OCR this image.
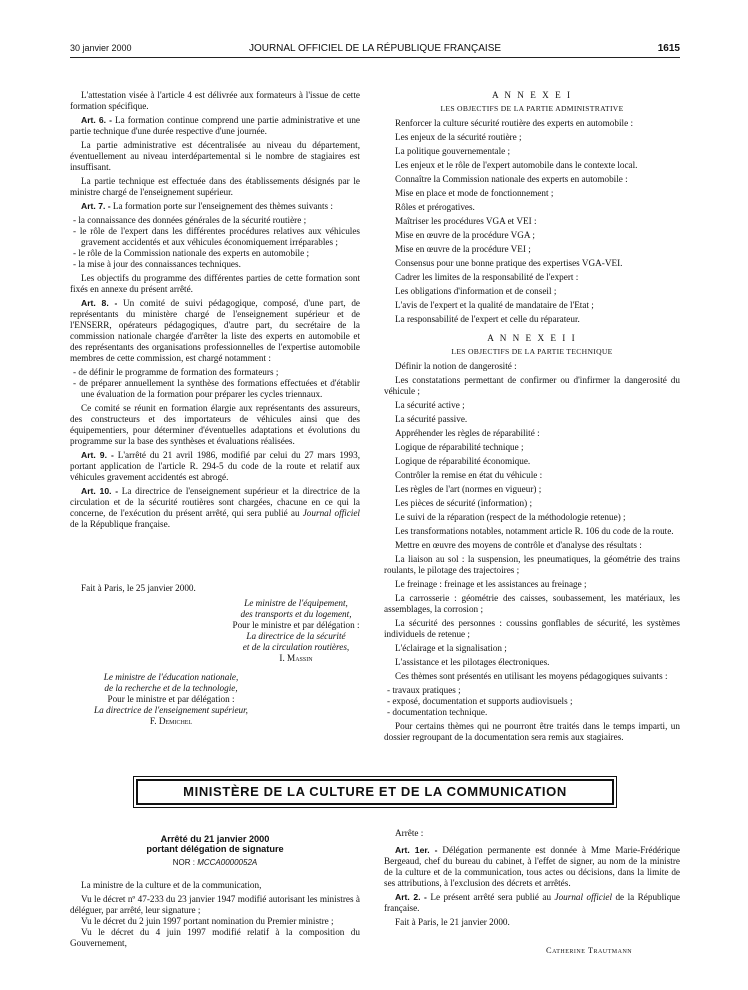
30 janvier 2000	JOURNAL OFFICIEL DE LA RÉPUBLIQUE FRANÇAISE	1615

L'attestation visée à l'article 4 est délivrée aux formateurs à l'issue de cette formation spécifique.

Art. 6. - La formation continue comprend une partie administrative et une partie technique d'une durée respective d'une journée.

La partie administrative est décentralisée au niveau du département, éventuellement au niveau interdépartemental si le nombre de stagiaires est insuffisant.

La partie technique est effectuée dans des établissements désignés par le ministre chargé de l'enseignement supérieur.

Art. 7. - La formation porte sur l'enseignement des thèmes suivants :

- la connaissance des données générales de la sécurité routière ;
- le rôle de l'expert dans les différentes procédures relatives aux véhicules gravement accidentés et aux véhicules économiquement irréparables ;
- le rôle de la Commission nationale des experts en automobile ;
- la mise à jour des connaissances techniques.

Les objectifs du programme des différentes parties de cette formation sont fixés en annexe du présent arrêté.

Art. 8. - Un comité de suivi pédagogique, composé, d'une part, de représentants du ministère chargé de l'enseignement supérieur et de l'ENSERR, opérateurs pédagogiques, d'autre part, du secrétaire de la commission nationale chargée d'arrêter la liste des experts en automobile et des représentants des organisations professionnelles de l'expertise automobile membres de cette commission, est chargé notamment :

- de définir le programme de formation des formateurs ;
- de préparer annuellement la synthèse des formations effectuées et d'établir une évaluation de la formation pour préparer les cycles triennaux.

Ce comité se réunit en formation élargie aux représentants des assureurs, des constructeurs et des importateurs de véhicules ainsi que des équipementiers, pour déterminer d'éventuelles adaptations et évolutions du programme sur la base des synthèses et évaluations réalisées.

Art. 9. - L'arrêté du 21 avril 1986, modifié par celui du 27 mars 1993, portant application de l'article R. 294-5 du code de la route et relatif aux véhicules gravement accidentés est abrogé.

Art. 10. - La directrice de l'enseignement supérieur et la directrice de la circulation et de la sécurité routières sont chargées, chacune en ce qui la concerne, de l'exécution du présent arrêté, qui sera publié au Journal officiel de la République française.

Fait à Paris, le 25 janvier 2000.
Le ministre de l'équipement,
des transports et du logement,
Pour le ministre et par délégation :
La directrice de la sécurité
et de la circulation routières,
I. Massin
Le ministre de l'éducation nationale,
de la recherche et de la technologie,
Pour le ministre et par délégation :
La directrice de l'enseignement supérieur,
F. Demichel
A N N E X E I
LES OBJECTIFS DE LA PARTIE ADMINISTRATIVE

Renforcer la culture sécurité routière des experts en automobile :

Les enjeux de la sécurité routière ;

La politique gouvernementale ;

Les enjeux et le rôle de l'expert automobile dans le contexte local.

Connaître la Commission nationale des experts en automobile :

Mise en place et mode de fonctionnement ;

Rôles et prérogatives.

Maîtriser les procédures VGA et VEI :

Mise en œuvre de la procédure VGA ;

Mise en œuvre de la procédure VEI ;

Consensus pour une bonne pratique des expertises VGA-VEI.

Cadrer les limites de la responsabilité de l'expert :

Les obligations d'information et de conseil ;

L'avis de l'expert et la qualité de mandataire de l'Etat ;

La responsabilité de l'expert et celle du réparateur.

A N N E X E I I
LES OBJECTIFS DE LA PARTIE TECHNIQUE

Définir la notion de dangerosité :

Les constatations permettant de confirmer ou d'infirmer la dangerosité du véhicule ;

La sécurité active ;

La sécurité passive.

Appréhender les règles de réparabilité :

Logique de réparabilité technique ;

Logique de réparabilité économique.

Contrôler la remise en état du véhicule :

Les règles de l'art (normes en vigueur) ;

Les pièces de sécurité (information) ;

Le suivi de la réparation (respect de la méthodologie retenue) ;

Les transformations notables, notamment article R. 106 du code de la route.

Mettre en œuvre des moyens de contrôle et d'analyse des résultats :

La liaison au sol : la suspension, les pneumatiques, la géométrie des trains roulants, le pilotage des trajectoires ;

Le freinage : freinage et les assistances au freinage ;

La carrosserie : géométrie des caisses, soubassement, les matériaux, les assemblages, la corrosion ;

La sécurité des personnes : coussins gonflables de sécurité, les systèmes individuels de retenue ;

L'éclairage et la signalisation ;

L'assistance et les pilotages électroniques.

Ces thèmes sont présentés en utilisant les moyens pédagogiques suivants :

- travaux pratiques ;
- exposé, documentation et supports audiovisuels ;
- documentation technique.

Pour certains thèmes qui ne pourront être traités dans le temps imparti, un dossier regroupant de la documentation sera remis aux stagiaires.

MINISTÈRE DE LA CULTURE ET DE LA COMMUNICATION
Arrêté du 21 janvier 2000
portant délégation de signature
NOR : MCCA0000052A

La ministre de la culture et de la communication,

Vu le décret nº 47-233 du 23 janvier 1947 modifié autorisant les ministres à déléguer, par arrêté, leur signature ;

Vu le décret du 2 juin 1997 portant nomination du Premier ministre ;

Vu le décret du 4 juin 1997 modifié relatif à la composition du Gouvernement,

Arrête :

Art. 1er. - Délégation permanente est donnée à Mme Marie-Frédérique Bergeaud, chef du bureau du cabinet, à l'effet de signer, au nom de la ministre de la culture et de la communication, tous actes ou décisions, dans la limite de ses attributions, à l'exclusion des décrets et arrêtés.

Art. 2. - Le présent arrêté sera publié au Journal officiel de la République française.

Fait à Paris, le 21 janvier 2000.

Catherine Trautmann
